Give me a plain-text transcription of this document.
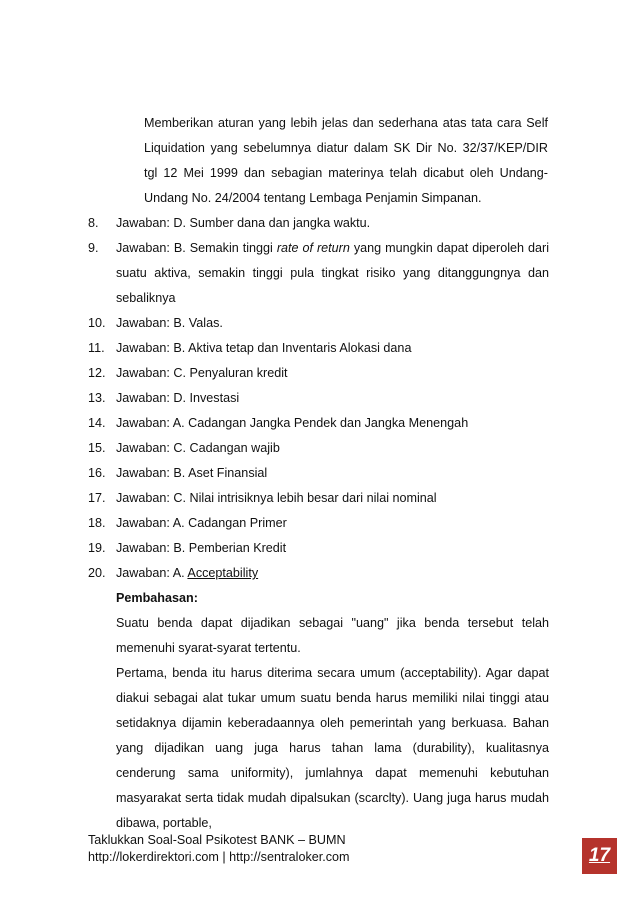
Memberikan aturan yang lebih jelas dan sederhana atas tata cara Self Liquidation yang sebelumnya diatur dalam SK Dir No. 32/37/KEP/DIR tgl 12 Mei 1999 dan sebagian materinya telah dicabut oleh Undang-Undang No. 24/2004 tentang Lembaga Penjamin Simpanan.

8.	Jawaban: D. Sumber dana dan jangka waktu.
9.	Jawaban: B. Semakin tinggi rate of return yang mungkin dapat diperoleh dari suatu aktiva, semakin tinggi pula tingkat risiko yang ditanggungnya dan sebaliknya
10. Jawaban: B. Valas.
11. Jawaban: B. Aktiva tetap dan Inventaris Alokasi dana
12. Jawaban: C. Penyaluran kredit
13. Jawaban: D. Investasi
14. Jawaban: A. Cadangan Jangka Pendek dan Jangka Menengah
15. Jawaban: C. Cadangan wajib
16. Jawaban: B. Aset Finansial
17. Jawaban: C. Nilai intrisiknya lebih besar dari nilai nominal
18. Jawaban: A. Cadangan Primer
19. Jawaban: B. Pemberian Kredit
20. Jawaban: A. Acceptability
Pembahasan:
Suatu benda dapat dijadikan sebagai "uang" jika benda tersebut telah memenuhi syarat-syarat tertentu.
Pertama, benda itu harus diterima secara umum (acceptability). Agar dapat diakui sebagai alat tukar umum suatu benda harus memiliki nilai tinggi atau setidaknya dijamin keberadaannya oleh pemerintah yang berkuasa. Bahan yang dijadikan uang juga harus tahan lama (durability), kualitasnya cenderung sama uniformity), jumlahnya dapat memenuhi kebutuhan masyarakat serta tidak mudah dipalsukan (scarclty). Uang juga harus mudah dibawa, portable,
Taklukkan Soal-Soal Psikotest BANK – BUMN
http://lokerdirektori.com | http://sentraloker.com	17
